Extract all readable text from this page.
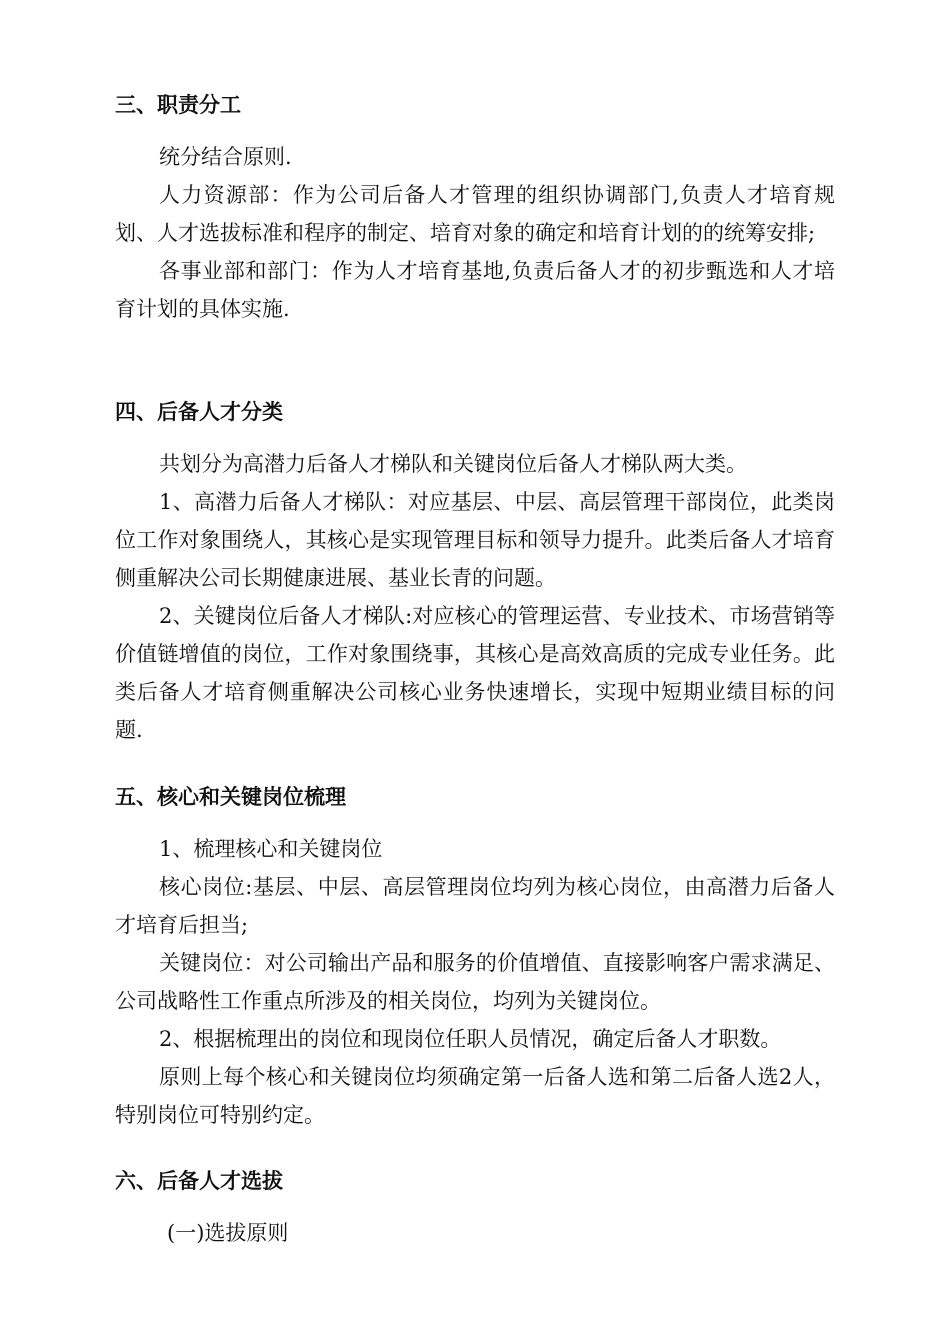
三、职责分工

统分结合原则.

人力资源部：作为公司后备人才管理的组织协调部门,负责人才培育规划、人才选拔标准和程序的制定、培育对象的确定和培育计划的的统筹安排;

各事业部和部门：作为人才培育基地,负责后备人才的初步甄选和人才培育计划的具体实施.

四、后备人才分类

共划分为高潜力后备人才梯队和关键岗位后备人才梯队两大类。

1、高潜力后备人才梯队：对应基层、中层、高层管理干部岗位，此类岗位工作对象围绕人，其核心是实现管理目标和领导力提升。此类后备人才培育侧重解决公司长期健康进展、基业长青的问题。

2、关键岗位后备人才梯队:对应核心的管理运营、专业技术、市场营销等价值链增值的岗位，工作对象围绕事，其核心是高效高质的完成专业任务。此类后备人才培育侧重解决公司核心业务快速增长，实现中短期业绩目标的问题.

五、核心和关键岗位梳理

1、梳理核心和关键岗位

核心岗位:基层、中层、高层管理岗位均列为核心岗位，由高潜力后备人才培育后担当;

关键岗位：对公司输出产品和服务的价值增值、直接影响客户需求满足、公司战略性工作重点所涉及的相关岗位，均列为关键岗位。

2、根据梳理出的岗位和现岗位任职人员情况，确定后备人才职数。

原则上每个核心和关键岗位均须确定第一后备人选和第二后备人选2人，特别岗位可特别约定。

六、后备人才选拔

(一)选拔原则
